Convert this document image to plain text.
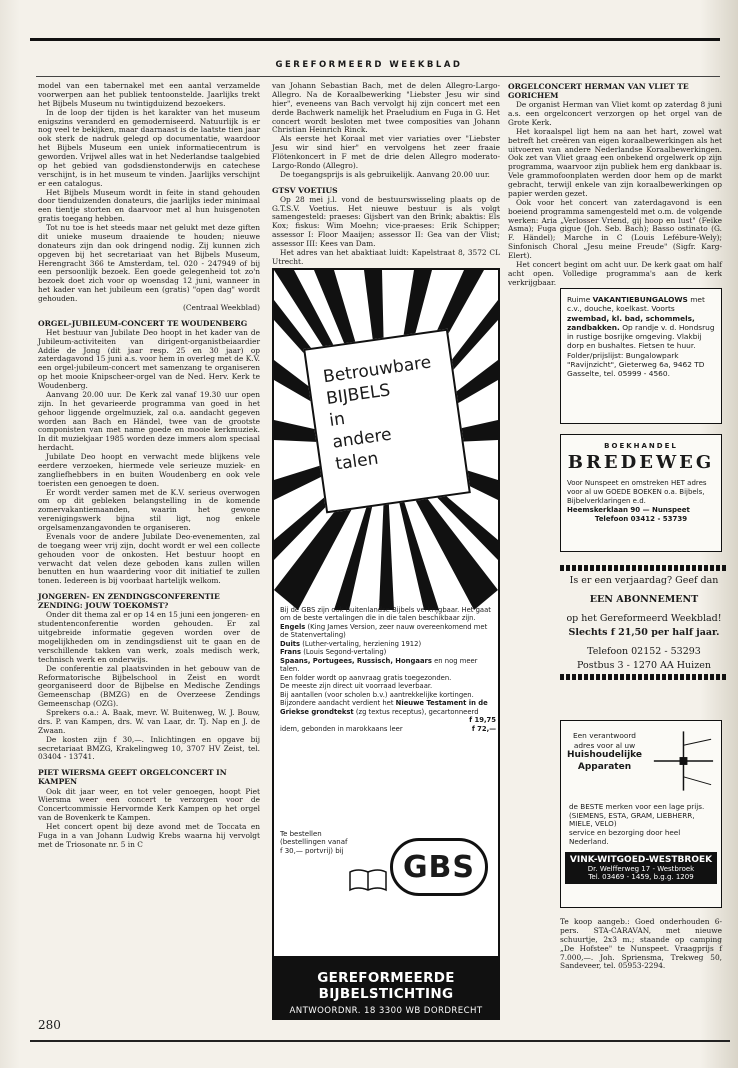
GEREFORMEERD WEEKBLAD

model van een tabernakel met een aantal verzamelde voorwerpen aan het publiek tentoonstelde. Jaarlijks trekt het Bijbels Museum nu twintigduizend bezoekers.

In de loop der tijden is het karakter van het museum enigszins veranderd en gemoderniseerd. Natuurlijk is er nog veel te bekijken, maar daarnaast is de laatste tien jaar ook sterk de nadruk gelegd op documentatie, waardoor het Bijbels Museum een uniek informatiecentrum is geworden. Vrijwel alles wat in het Nederlandse taalgebied op het gebied van godsdienstonderwijs en catechese verschijnt, is in het museum te vinden. Jaarlijks verschijnt er een catalogus.

Het Bijbels Museum wordt in feite in stand gehouden door tienduizenden donateurs, die jaarlijks ieder minimaal een tientje storten en daarvoor met al hun huisgenoten gratis toegang hebben.

Tot nu toe is het steeds maar net gelukt met deze giften dit unieke museum draaiende te houden; nieuwe donateurs zijn dan ook dringend nodig. Zij kunnen zich opgeven bij het secretariaat van het Bijbels Museum, Herengracht 366 te Amsterdam, tel. 020 - 247949 of bij een persoonlijk bezoek. Een goede gelegenheid tot zo'n bezoek doet zich voor op woensdag 12 juni, wanneer in het kader van het jubileum een (gratis) "open dag" wordt gehouden.

(Centraal Weekblad)
ORGEL-JUBILEUM-CONCERT TE WOUDENBERG

Het bestuur van Jubilate Deo hoopt in het kader van de Jubileum-activiteiten van dirigent-organistbeiaardier Addie de Jong (dit jaar resp. 25 en 30 jaar) op zaterdagavond 15 juni a.s. voor hem in overleg met de K.V. een orgel-jubileum-concert met samenzang te organiseren op het mooie Knipscheer-orgel van de Ned. Herv. Kerk te Woudenberg.

Aanvang 20.00 uur. De Kerk zal vanaf 19.30 uur open zijn. In het gevarieerde programma van goed in het gehoor liggende orgelmuziek, zal o.a. aandacht gegeven worden aan Bach en Händel, twee van de grootste componisten van met name goede en mooie kerkmuziek. In dit muziekjaar 1985 worden deze immers alom speciaal herdacht.

Jubilate Deo hoopt en verwacht mede blijkens vele eerdere verzoeken, hiermede vele serieuze muziek- en zangliefhebbers in en buiten Woudenberg en ook vele toeristen een genoegen te doen.

Er wordt verder samen met de K.V. serieus overwogen om op dit gebleken belangstelling in de komende zomervakantiemaanden, waarin het gewone verenigingswerk bijna stil ligt, nog enkele orgelsamenzangavonden te organiseren.

Evenals voor de andere Jubilate Deo-evenementen, zal de toegang weer vrij zijn, docht wordt er wel een collecte gehouden voor de onkosten. Het bestuur hoopt en verwacht dat velen deze geboden kans zullen willen benutten en hun waardering voor dit initiatief te zullen tonen. Iedereen is bij voorbaat hartelijk welkom.

JONGEREN- EN ZENDINGSCONFERENTIE ZENDING: JOUW TOEKOMST?

Onder dit thema zal er op 14 en 15 juni een jongeren- en studentenconferentie worden gehouden. Er zal uitgebreide informatie gegeven worden over de mogelijkheden om in zendingsdienst uit te gaan en de verschillende takken van werk, zoals medisch werk, technisch werk en onderwijs.

De conferentie zal plaatsvinden in het gebouw van de Reformatorische Bijbelschool in Zeist en wordt georganiseerd door de Bijbelse en Medische Zendings Gemeenschap (BMZG) en de Overzeese Zendings Gemeenschap (OZG).

Sprekers o.a.: A. Baak, mevr. W. Buitenweg, W. J. Bouw, drs. P. van Kampen, drs. W. van Laar, dr. Tj. Nap en J. de Zwaan.

De kosten zijn f 30,—. Inlichtingen en opgave bij secretariaat BMZG, Krakelingweg 10, 3707 HV Zeist, tel. 03404 - 13741.

PIET WIERSMA GEEFT ORGELCONCERT IN KAMPEN

Ook dit jaar weer, en tot veler genoegen, hoopt Piet Wiersma weer een concert te verzorgen voor de Concertcommissie Hervormde Kerk Kampen op het orgel van de Bovenkerk te Kampen.

Het concert opent bij deze avond met de Toccata en Fuga in a van Johann Ludwig Krebs waarna hij vervolgt met de Triosonate nr. 5 in C

van Johann Sebastian Bach, met de delen Allegro-Largo-Allegro. Na de Koraalbewerking "Liebster Jesu wir sind hier", eveneens van Bach vervolgt hij zijn concert met een derde Bachwerk namelijk het Praeludium en Fuga in G. Het concert wordt besloten met twee composities van Johann Christian Heinrich Rinck.

Als eerste het Koraal met vier variaties over "Liebster Jesu wir sind hier" en vervolgens het zeer fraaie Flötenkoncert in F met de drie delen Allegro moderato-Largo-Rondo (Allegro).

De toegangsprijs is als gebruikelijk. Aanvang 20.00 uur.

GTSV VOETIUS

Op 28 mei j.l. vond de bestuurswisseling plaats op de G.T.S.V. Voetius. Het nieuwe bestuur is als volgt samengesteld: praeses: Gijsbert van den Brink; abaktis: Els Kox; fiskus: Wim Moehn; vice-praeses: Erik Schipper; assessor I: Floor Maaijen; assessor II: Gea van der Vlist; assessor III: Kees van Dam.

Het adres van het abaktiaat luidt: Kapelstraat 8, 3572 CL Utrecht.

ORGELCONCERT HERMAN VAN VLIET TE GORICHEM

De organist Herman van Vliet komt op zaterdag 8 juni a.s. een orgelconcert verzorgen op het orgel van de Grote Kerk.

Het koraalspel ligt hem na aan het hart, zowel wat betreft het creëren van eigen koraalbewerkingen als het uitvoeren van andere Nederlandse Koraalbewerkingen. Ook zet van Vliet graag een onbekend orgelwerk op zijn programma, waarvoor zijn publiek hem erg dankbaar is. Vele grammofoonplaten werden door hem op de markt gebracht, terwijl enkele van zijn koraalbewerkingen op papier werden gezet.

Ook voor het concert van zaterdagavond is een boeiend programma samengesteld met o.m. de volgende werken: Aria „Verlosser Vriend, gij hoop en lust" (Feike Asma); Fuga gigue (Joh. Seb. Bach); Basso ostinato (G. F. Händel); Marche in C (Louis Lefébure-Wely); Sinfonisch Choral „Jesu meine Freude" (Sigfr. Karg-Elert).

Het concert begint om acht uur. De kerk gaat om half acht open. Volledige programma's aan de kerk verkrijgbaar.

Betrouwbare
BIJBELS
in
andere
talen
Bij de GBS zijn ook buitenlandse Bijbels verkrijgbaar. Het gaat om de beste vertalingen die in die talen beschikbaar zijn.
Engels (King James Version, zeer nauw overeenkomend met de Statenvertaling)
Duits (Luther-vertaling, herziening 1912)
Frans (Louis Segond-vertaling)
Spaans, Portugees, Russisch, Hongaars en nog meer talen.
Een folder wordt op aanvraag gratis toegezonden.
De meeste zijn direct uit voorraad leverbaar.
Bij aantallen (voor scholen b.v.) aantrekkelijke kortingen.
Bijzondere aandacht verdient het Nieuwe Testament in de Griekse grondtekst (zg textus receptus), gecartonneerd
f 19,75
idem, gebonden in marokkaans leer	f 72,—
Te bestellen (bestellingen vanaf f 30,— portvrij) bij	GBS
GEREFORMEERDE BIJBELSTICHTING
ANTWOORDNR. 18 3300 WB DORDRECHT
Ruime VAKANTIEBUNGALOWS met c.v., douche, koelkast. Voorts zwembad, kl. bad, schommels, zandbakken. Op randje v. d. Hondsrug in rustige bosrijke omgeving. Vlakbij dorp en bushaltes. Fietsen te huur. Folder/prijslijst: Bungalowpark "Ravijnzicht", Gieterweg 6a, 9462 TD Gasselte, tel. 05999 - 4560.
BOEKHANDEL
BREDEWEG
Voor Nunspeet en omstreken HET adres voor al uw GOEDE BOEKEN o.a. Bijbels, Bijbelverklaringen e.d.
Heemskerklaan 90 — Nunspeet
Telefoon 03412 - 53739
Is er een verjaardag? Geef dan
EEN ABONNEMENT
op het Gereformeerd Weekblad!
Slechts f 21,50 per half jaar.
Telefoon 02152 - 53293
Postbus 3 - 1270 AA Huizen
Een verantwoord adres voor al uw
Huishoudelijke Apparaten
de BESTE merken voor een lage prijs. (SIEMENS, ESTA, GRAM, LIEBHERR, MIELE, VELO)
service en bezorging door heel Nederland.
VINK-WITGOED-WESTBROEK
Dr. Welfferweg 17 - Westbroek
Tel. 03469 - 1459, b.g.g. 1209
Te koop aangeb.: Goed onderhouden 6-pers. STA-CARAVAN, met nieuwe schuurtje, 2x3 m.; staande op camping „De Hofstee" te Nunspeet. Vraagprijs f 7.000,—. Joh. Spriensma, Trekweg 50, Sandeveer, tel. 05953-2294.
280
